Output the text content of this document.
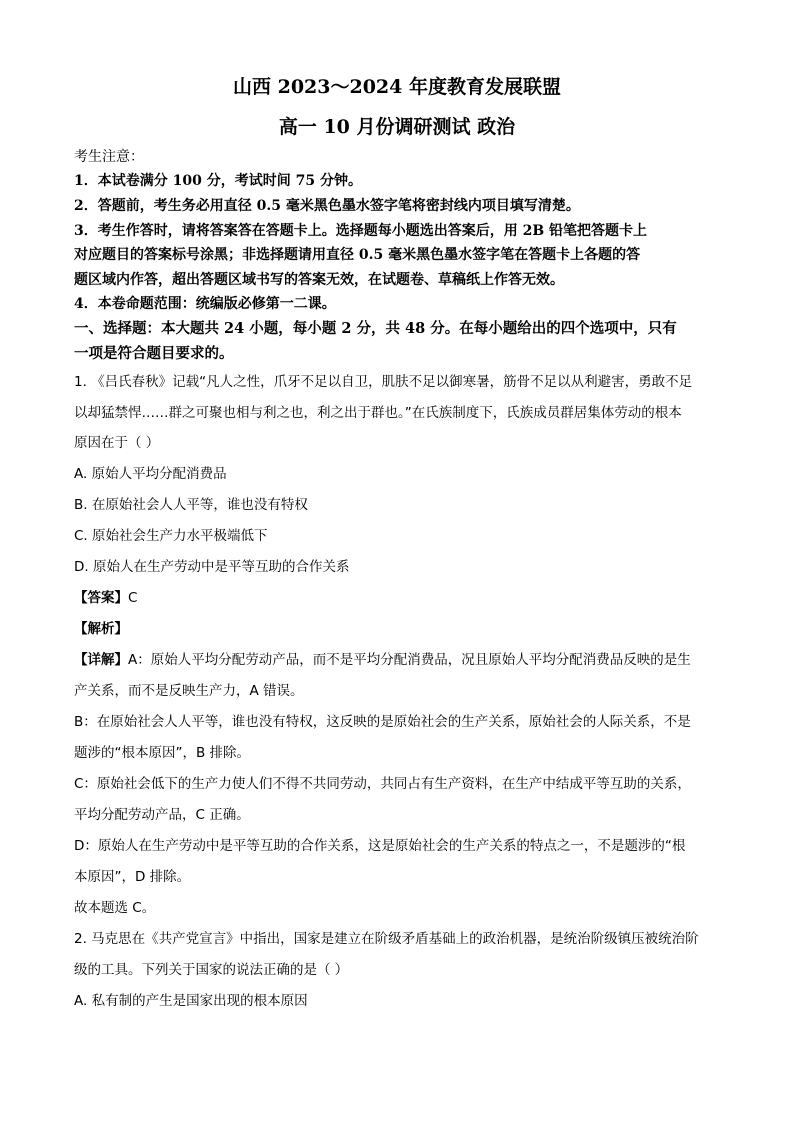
山西 2023～2024 年度教育发展联盟
高一 10 月份调研测试 政治
考生注意：
1．本试卷满分 100 分，考试时间 75 分钟。
2．答题前，考生务必用直径 0.5 毫米黑色墨水签字笔将密封线内项目填写清楚。
3．考生作答时，请将答案答在答题卡上。选择题每小题选出答案后，用 2B 铅笔把答题卡上
对应题目的答案标号涂黑；非选择题请用直径 0.5 毫米黑色墨水签字笔在答题卡上各题的答
题区域内作答，超出答题区域书写的答案无效，在试题卷、草稿纸上作答无效。
4．本卷命题范围：统编版必修第一二课。
一、选择题：本大题共 24 小题，每小题 2 分，共 48 分。在每小题给出的四个选项中，只有
一项是符合题目要求的。
1. 《吕氏春秋》记载“凡人之性，爪牙不足以自卫，肌肤不足以御寒暑，筋骨不足以从利避害，勇敢不足
以却猛禁悍……群之可聚也相与利之也，利之出于群也。”在氏族制度下，氏族成员群居集体劳动的根本
原因在于（ ）
A. 原始人平均分配消费品
B. 在原始社会人人平等，谁也没有特权
C. 原始社会生产力水平极端低下
D. 原始人在生产劳动中是平等互助的合作关系
【答案】C
【解析】
【详解】A：原始人平均分配劳动产品，而不是平均分配消费品，况且原始人平均分配消费品反映的是生
产关系，而不是反映生产力，A 错误。
B：在原始社会人人平等，谁也没有特权，这反映的是原始社会的生产关系，原始社会的人际关系，不是
题涉的“根本原因”，B 排除。
C：原始社会低下的生产力使人们不得不共同劳动，共同占有生产资料，在生产中结成平等互助的关系，
平均分配劳动产品，C 正确。
D：原始人在生产劳动中是平等互助的合作关系，这是原始社会的生产关系的特点之一，不是题涉的“根
本原因”，D 排除。
故本题选 C。
2. 马克思在《共产党宣言》中指出，国家是建立在阶级矛盾基础上的政治机器，是统治阶级镇压被统治阶
级的工具。下列关于国家的说法正确的是（ ）
A. 私有制的产生是国家出现的根本原因
